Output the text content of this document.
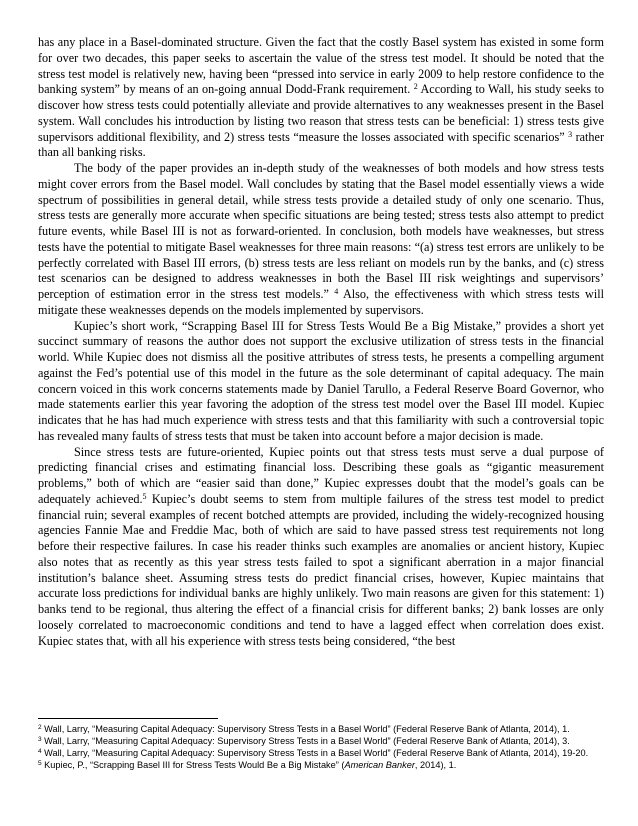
has any place in a Basel-dominated structure. Given the fact that the costly Basel system has existed in some form for over two decades, this paper seeks to ascertain the value of the stress test model. It should be noted that the stress test model is relatively new, having been “pressed into service in early 2009 to help restore confidence to the banking system” by means of an on-going annual Dodd-Frank requirement. $^2$ According to Wall, his study seeks to discover how stress tests could potentially alleviate and provide alternatives to any weaknesses present in the Basel system. Wall concludes his introduction by listing two reason that stress tests can be beneficial: 1) stress tests give supervisors additional flexibility, and 2) stress tests “measure the losses associated with specific scenarios” $^3$ rather than all banking risks.

The body of the paper provides an in-depth study of the weaknesses of both models and how stress tests might cover errors from the Basel model. Wall concludes by stating that the Basel model essentially views a wide spectrum of possibilities in general detail, while stress tests provide a detailed study of only one scenario. Thus, stress tests are generally more accurate when specific situations are being tested; stress tests also attempt to predict future events, while Basel III is not as forward-oriented. In conclusion, both models have weaknesses, but stress tests have the potential to mitigate Basel weaknesses for three main reasons: “(a) stress test errors are unlikely to be perfectly correlated with Basel III errors, (b) stress tests are less reliant on models run by the banks, and (c) stress test scenarios can be designed to address weaknesses in both the Basel III risk weightings and supervisors’ perception of estimation error in the stress test models.” $^4$ Also, the effectiveness with which stress tests will mitigate these weaknesses depends on the models implemented by supervisors.

Kupiec’s short work, “Scrapping Basel III for Stress Tests Would Be a Big Mistake,” provides a short yet succinct summary of reasons the author does not support the exclusive utilization of stress tests in the financial world. While Kupiec does not dismiss all the positive attributes of stress tests, he presents a compelling argument against the Fed’s potential use of this model in the future as the sole determinant of capital adequacy. The main concern voiced in this work concerns statements made by Daniel Tarullo, a Federal Reserve Board Governor, who made statements earlier this year favoring the adoption of the stress test model over the Basel III model. Kupiec indicates that he has had much experience with stress tests and that this familiarity with such a controversial topic has revealed many faults of stress tests that must be taken into account before a major decision is made.

Since stress tests are future-oriented, Kupiec points out that stress tests must serve a dual purpose of predicting financial crises and estimating financial loss. Describing these goals as “gigantic measurement problems,” both of which are “easier said than done,” Kupiec expresses doubt that the model’s goals can be adequately achieved.$^5$ Kupiec’s doubt seems to stem from multiple failures of the stress test model to predict financial ruin; several examples of recent botched attempts are provided, including the widely-recognized housing agencies Fannie Mae and Freddie Mac, both of which are said to have passed stress test requirements not long before their respective failures. In case his reader thinks such examples are anomalies or ancient history, Kupiec also notes that as recently as this year stress tests failed to spot a significant aberration in a major financial institution’s balance sheet. Assuming stress tests do predict financial crises, however, Kupiec maintains that accurate loss predictions for individual banks are highly unlikely. Two main reasons are given for this statement: 1) banks tend to be regional, thus altering the effect of a financial crisis for different banks; 2) bank losses are only loosely correlated to macroeconomic conditions and tend to have a lagged effect when correlation does exist. Kupiec states that, with all his experience with stress tests being considered, “the best

$^2$ Wall, Larry, “Measuring Capital Adequacy: Supervisory Stress Tests in a Basel World” (Federal Reserve Bank of Atlanta, 2014), 1.
$^3$ Wall, Larry, “Measuring Capital Adequacy: Supervisory Stress Tests in a Basel World” (Federal Reserve Bank of Atlanta, 2014), 3.
$^4$ Wall, Larry, “Measuring Capital Adequacy: Supervisory Stress Tests in a Basel World” (Federal Reserve Bank of Atlanta, 2014), 19-20.
$^5$ Kupiec, P., “Scrapping Basel III for Stress Tests Would Be a Big Mistake” (American Banker, 2014), 1.
